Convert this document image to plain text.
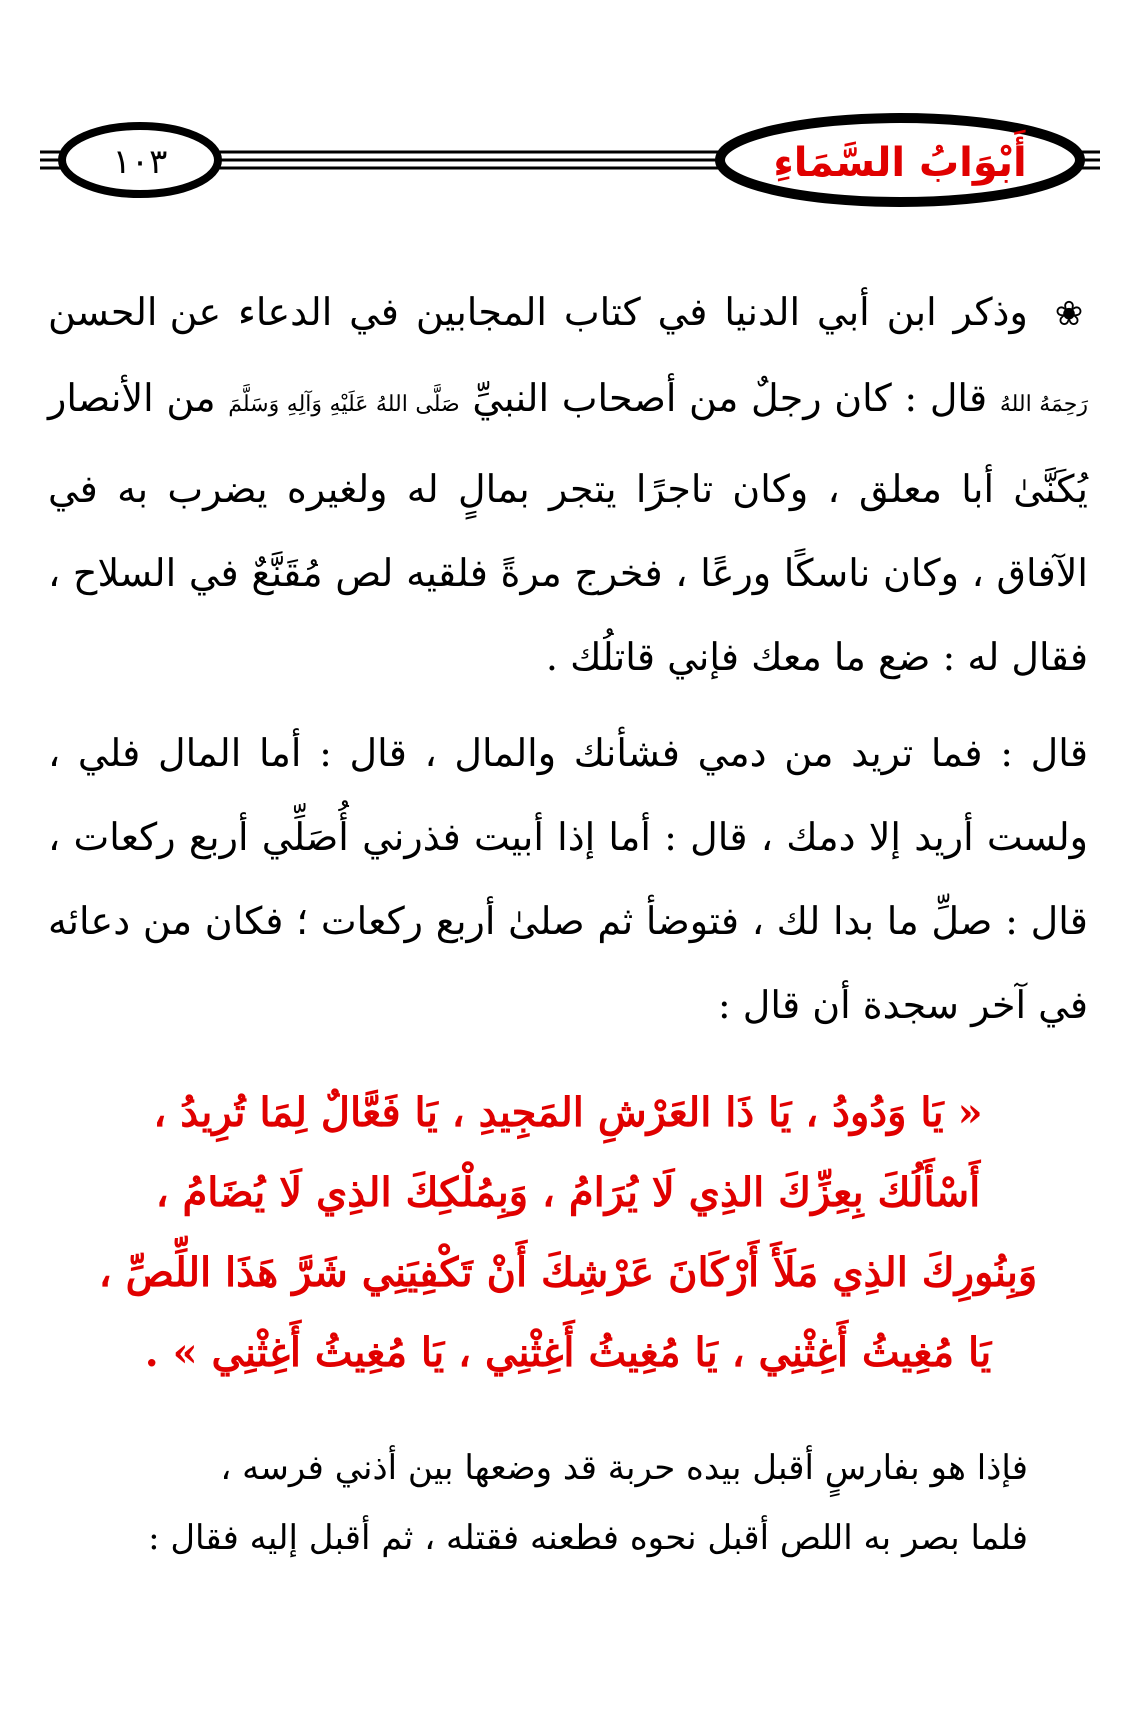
١٠٣	أَبْوَابُ السَّمَاءِ

❀ وذكر ابن أبي الدنيا في كتاب المجابين في الدعاء عن الحسن رَحِمَهُ اللهُ قال : كان رجلٌ من أصحاب النبيِّ صَلَّى اللهُ عَلَيْهِ وَآلِهِ وَسَلَّمَ من الأنصار يُكَنَّىٰ أبا معلق ، وكان تاجرًا يتجر بمالٍ له ولغيره يضرب به في الآفاق ، وكان ناسكًا ورعًا ، فخرج مرةً فلقيه لص مُقَنَّعٌ في السلاح ، فقال له : ضع ما معك فإني قاتلُك .

قال : فما تريد من دمي فشأنك والمال ، قال : أما المال فلي ، ولست أريد إلا دمك ، قال : أما إذا أبيت فذرني أُصَلِّي أربع ركعات ، قال : صلِّ ما بدا لك ، فتوضأ ثم صلىٰ أربع ركعات ؛ فكان من دعائه في آخر سجدة أن قال :

« يَا وَدُودُ ، يَا ذَا العَرْشِ المَجِيدِ ، يَا فَعَّالٌ لِمَا تُرِيدُ ،

أَسْأَلُكَ بِعِزِّكَ الذِي لَا يُرَامُ ، وَبِمُلْكِكَ الذِي لَا يُضَامُ ،

وَبِنُورِكَ الذِي مَلَأَ أَرْكَانَ عَرْشِكَ أَنْ تَكْفِيَنِي شَرَّ هَذَا اللِّصِّ ،

يَا مُغِيثُ أَغِثْنِي ، يَا مُغِيثُ أَغِثْنِي ، يَا مُغِيثُ أَغِثْنِي » .

فإذا هو بفارسٍ أقبل بيده حربة قد وضعها بين أذني فرسه ،

فلما بصر به اللص أقبل نحوه فطعنه فقتله ، ثم أقبل إليه فقال :
